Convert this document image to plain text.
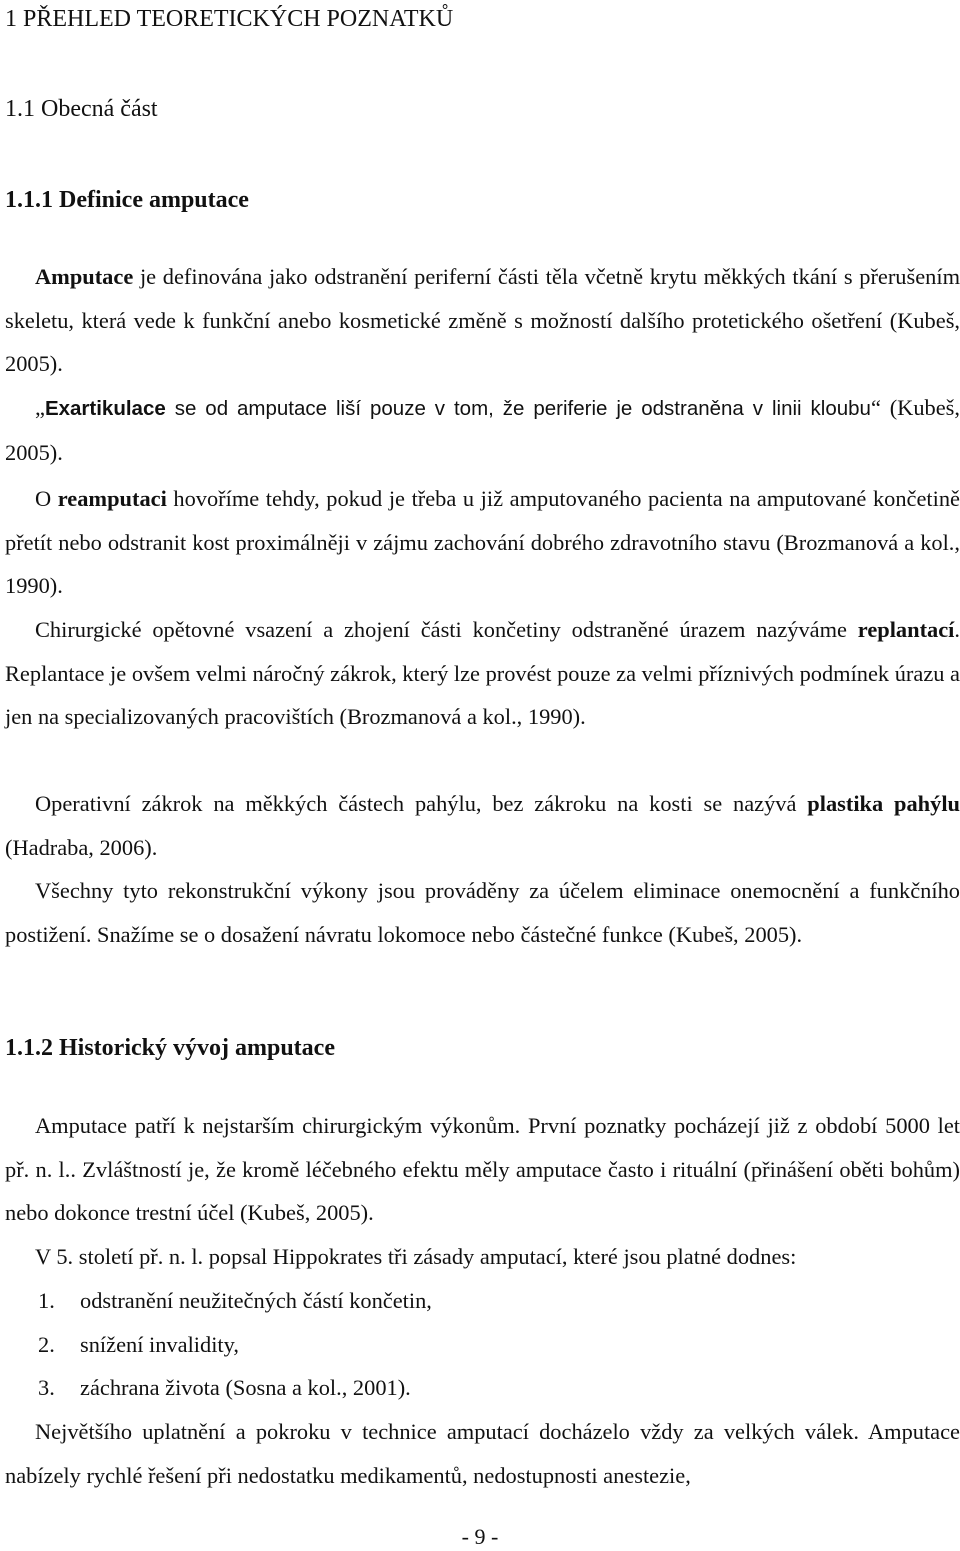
1 PŘEHLED TEORETICKÝCH POZNATKŮ
1.1 Obecná část
1.1.1 Definice amputace

Amputace je definována jako odstranění periferní části těla včetně krytu měkkých tkání s přerušením skeletu, která vede k funkční anebo kosmetické změně s možností dalšího protetického ošetření (Kubeš, 2005).

„Exartikulace se od amputace liší pouze v tom, že periferie je odstraněna v linii kloubu“ (Kubeš, 2005).

O reamputaci hovoříme tehdy, pokud je třeba u již amputovaného pacienta na amputované končetině přetít nebo odstranit kost proximálněji v zájmu zachování dobrého zdravotního stavu (Brozmanová a kol., 1990).

Chirurgické opětovné vsazení a zhojení části končetiny odstraněné úrazem nazýváme replantací. Replantace je ovšem velmi náročný zákrok, který lze provést pouze za velmi příznivých podmínek úrazu a jen na specializovaných pracovištích (Brozmanová a kol., 1990).

Operativní zákrok na měkkých částech pahýlu, bez zákroku na kosti se nazývá plastika pahýlu (Hadraba, 2006).

Všechny tyto rekonstrukční výkony jsou prováděny za účelem eliminace onemocnění a funkčního postižení. Snažíme se o dosažení návratu lokomoce nebo částečné funkce (Kubeš, 2005).

1.1.2 Historický vývoj amputace

Amputace patří k nejstarším chirurgickým výkonům. První poznatky pocházejí již z období 5000 let př. n. l.. Zvláštností je, že kromě léčebného efektu měly amputace často i rituální (přinášení oběti bohům) nebo dokonce trestní účel (Kubeš, 2005).

V 5. století př. n. l. popsal Hippokrates tři zásady amputací, které jsou platné dodnes:

1. odstranění neužitečných částí končetin,
2. snížení invalidity,
3. záchrana života (Sosna a kol., 2001).

Největšího uplatnění a pokroku v technice amputací docházelo vždy za velkých válek. Amputace nabízely rychlé řešení při nedostatku medikamentů, nedostupnosti anestezie,

- 9 -
